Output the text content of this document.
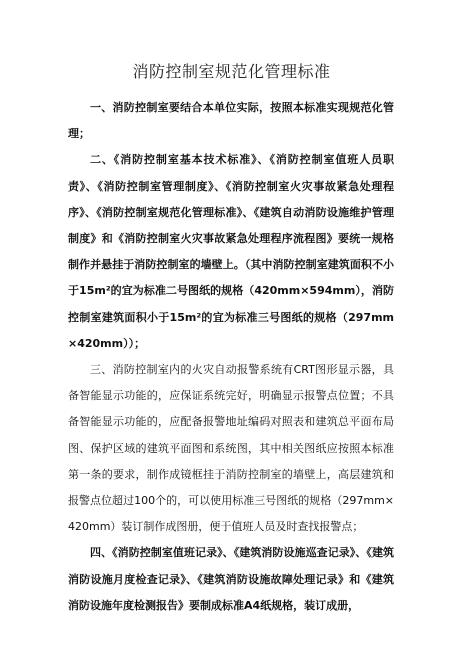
消防控制室规范化管理标准

一、消防控制室要结合本单位实际，按照本标准实现规范化管理；

二、《消防控制室基本技术标准》、《消防控制室值班人员职责》、《消防控制室管理制度》、《消防控制室火灾事故紧急处理程序》、《消防控制室规范化管理标准》、《建筑自动消防设施维护管理制度》和《消防控制室火灾事故紧急处理程序流程图》要统一规格制作并悬挂于消防控制室的墙壁上。（其中消防控制室建筑面积不小于15m²的宜为标准二号图纸的规格（420mm×594mm），消防控制室建筑面积小于15m²的宜为标准三号图纸的规格（297mm×420mm））；

三、消防控制室内的火灾自动报警系统有CRT图形显示器，具备智能显示功能的，应保证系统完好，明确显示报警点位置；不具备智能显示功能的，应配备报警地址编码对照表和建筑总平面布局图、保护区域的建筑平面图和系统图，其中相关图纸应按照本标准第一条的要求，制作成镜框挂于消防控制室的墙壁上，高层建筑和报警点位超过100个的，可以使用标准三号图纸的规格（297mm×420mm）装订制作成图册，便于值班人员及时查找报警点；

四、《消防控制室值班记录》、《建筑消防设施巡查记录》、《建筑消防设施月度检查记录》、《建筑消防设施故障处理记录》和《建筑消防设施年度检测报告》要制成标准A4纸规格，装订成册，
